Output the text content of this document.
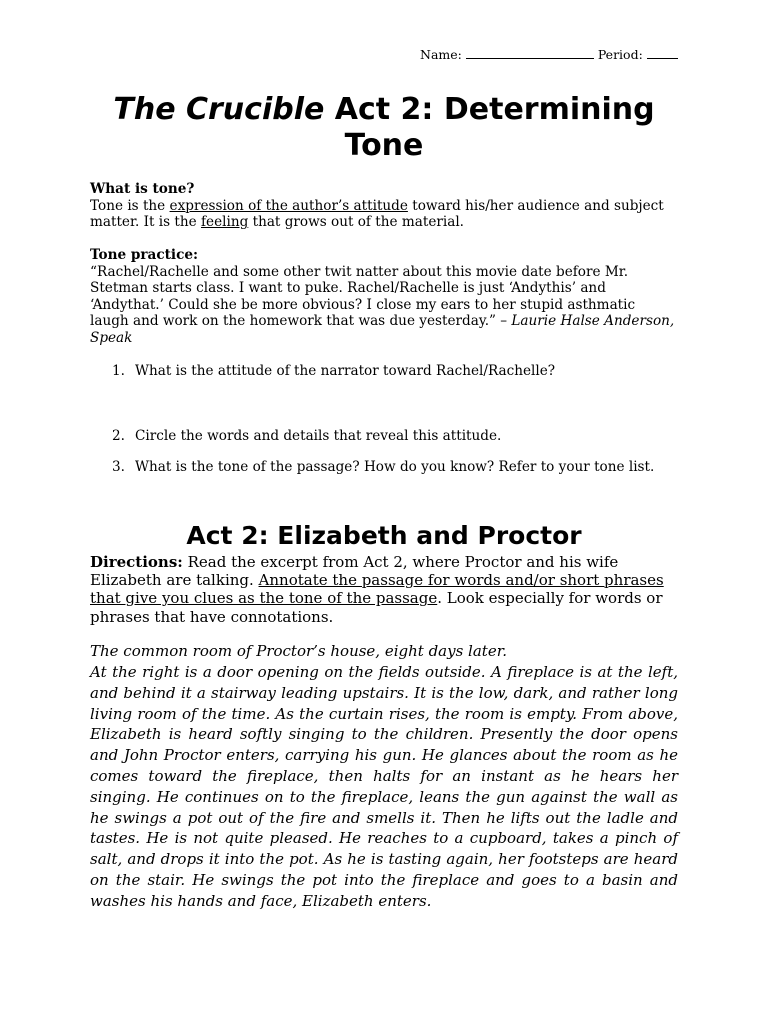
Name:	Period:
The Crucible Act 2: Determining Tone
What is tone?
Tone is the expression of the author’s attitude toward his/her audience and subject matter. It is the feeling that grows out of the material.
Tone practice:
“Rachel/Rachelle and some other twit natter about this movie date before Mr. Stetman starts class. I want to puke. Rachel/Rachelle is just ‘Andythis’ and ‘Andythat.’ Could she be more obvious? I close my ears to her stupid asthmatic laugh and work on the homework that was due yesterday.” – Laurie Halse Anderson, Speak
1. What is the attitude of the narrator toward Rachel/Rachelle?
2. Circle the words and details that reveal this attitude.
3. What is the tone of the passage? How do you know? Refer to your tone list.
Act 2: Elizabeth and Proctor
Directions: Read the excerpt from Act 2, where Proctor and his wife Elizabeth are talking. Annotate the passage for words and/or short phrases that give you clues as the tone of the passage. Look especially for words or phrases that have connotations.
The common room of Proctor’s house, eight days later.
At the right is a door opening on the fields outside. A fireplace is at the left, and behind it a stairway leading upstairs. It is the low, dark, and rather long living room of the time. As the curtain rises, the room is empty. From above, Elizabeth is heard softly singing to the children. Presently the door opens and John Proctor enters, carrying his gun. He glances about the room as he comes toward the fireplace, then halts for an instant as he hears her singing. He continues on to the fireplace, leans the gun against the wall as he swings a pot out of the fire and smells it. Then he lifts out the ladle and tastes. He is not quite pleased. He reaches to a cupboard, takes a pinch of salt, and drops it into the pot. As he is tasting again, her footsteps are heard on the stair. He swings the pot into the fireplace and goes to a basin and washes his hands and face, Elizabeth enters.
